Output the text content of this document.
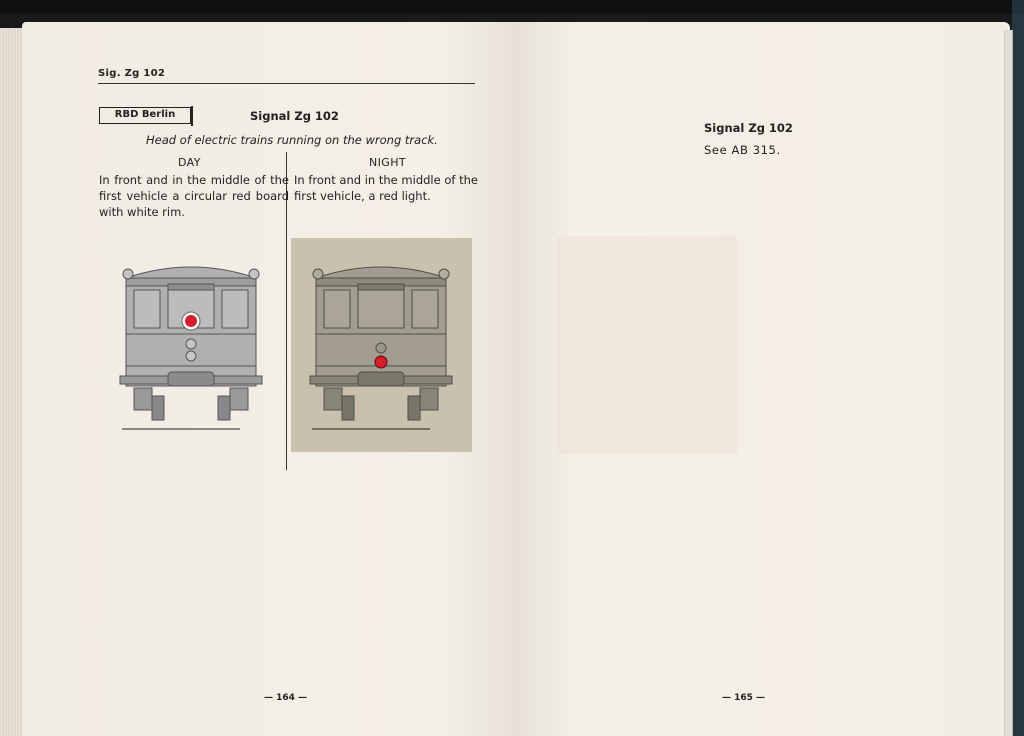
Sig. Zg 102
RBD Berlin	Signal Zg 102
Head of electric trains running on the wrong track.
DAY	NIGHT
In front and in the middle of the first vehicle a circular red board with white rim.
In front and in the middle of the first vehicle, a red light.
— 164 —
Signal Zg 102
See AB 315.
— 165 —
